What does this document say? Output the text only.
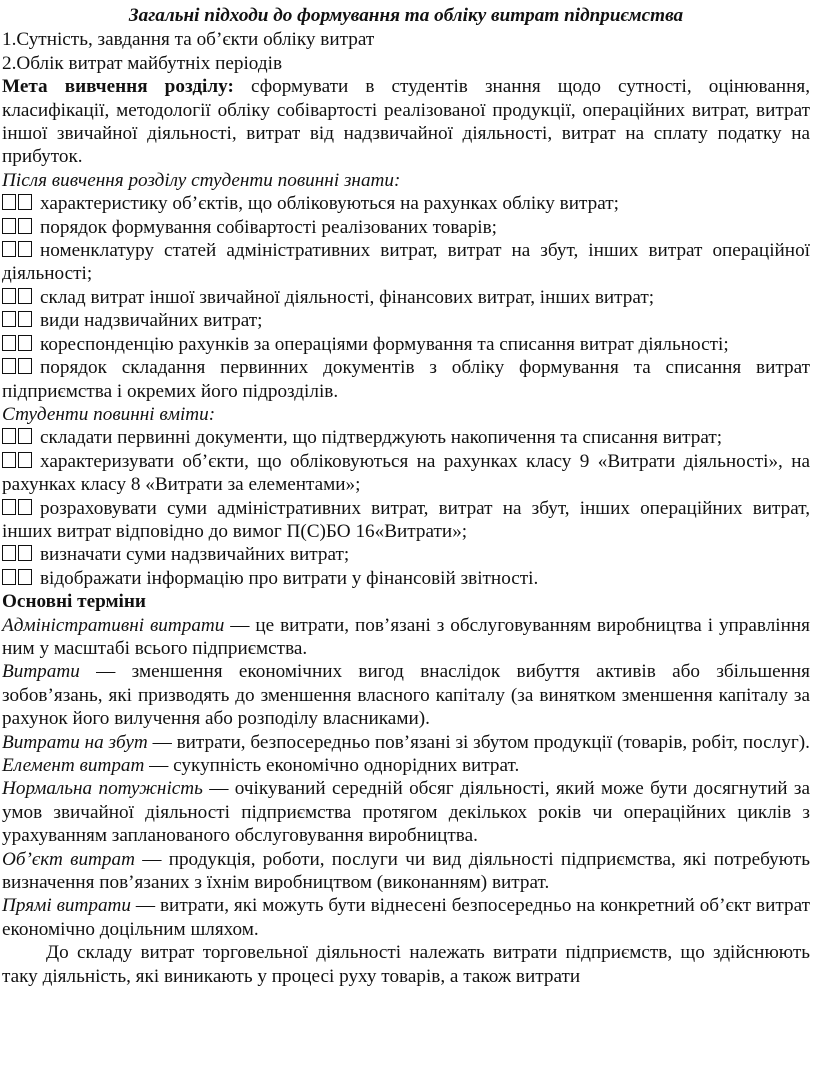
Загальні підходи до формування та обліку витрат підприємства

1.Сутність, завдання та об’єкти обліку витрат

2.Облік витрат майбутніх періодів

Мета вивчення розділу: сформувати в студентів знання щодо сутності, оцінювання, класифікації, методології обліку собівартості реалізованої продукції, операційних витрат, витрат іншої звичайної діяльності, витрат від надзвичайної діяльності, витрат на сплату податку на прибуток.

Після вивчення розділу студенти повинні знати:

характеристику об’єктів, що обліковуються на рахунках обліку витрат;

порядок формування собівартості реалізованих товарів;

номенклатуру статей адміністративних витрат, витрат на збут, інших витрат операційної діяльності;

склад витрат іншої звичайної діяльності, фінансових витрат, інших витрат;

види надзвичайних витрат;

кореспонденцію рахунків за операціями формування та списання витрат діяльності;

порядок складання первинних документів з обліку формування та списання витрат підприємства і окремих його підрозділів.

Студенти повинні вміти:

складати первинні документи, що підтверджують накопичення та списання витрат;

характеризувати об’єкти, що обліковуються на рахунках класу 9 «Витрати діяльності», на рахунках класу 8 «Витрати за елементами»;

розраховувати суми адміністративних витрат, витрат на збут, інших операційних витрат, інших витрат відповідно до вимог П(С)БО 16«Витрати»;

визначати суми надзвичайних витрат;

відображати інформацію про витрати у фінансовій звітності.

Основні терміни

Адміністративні витрати — це витрати, пов’язані з обслуговуванням виробництва і управління ним у масштабі всього підприємства.

Витрати — зменшення економічних вигод внаслідок вибуття активів або збільшення зобов’язань, які призводять до зменшення власного капіталу (за винятком зменшення капіталу за рахунок його вилучення або розподілу власниками).

Витрати на збут — витрати, безпосередньо пов’язані зі збутом продукції (товарів, робіт, послуг).

Елемент витрат — сукупність економічно однорідних витрат.

Нормальна потужність — очікуваний середній обсяг діяльності, який може бути досягнутий за умов звичайної діяльності підприємства протягом декількох років чи операційних циклів з урахуванням запланованого обслуговування виробництва.

Об’єкт витрат — продукція, роботи, послуги чи вид діяльності підприємства, які потребують визначення пов’язаних з їхнім виробництвом (виконанням) витрат.

Прямі витрати — витрати, які можуть бути віднесені безпосередньо на конкретний об’єкт витрат економічно доцільним шляхом.

До складу витрат торговельної діяльності належать витрати підприємств, що здійснюють таку діяльність, які виникають у процесі руху товарів, а також витрати
